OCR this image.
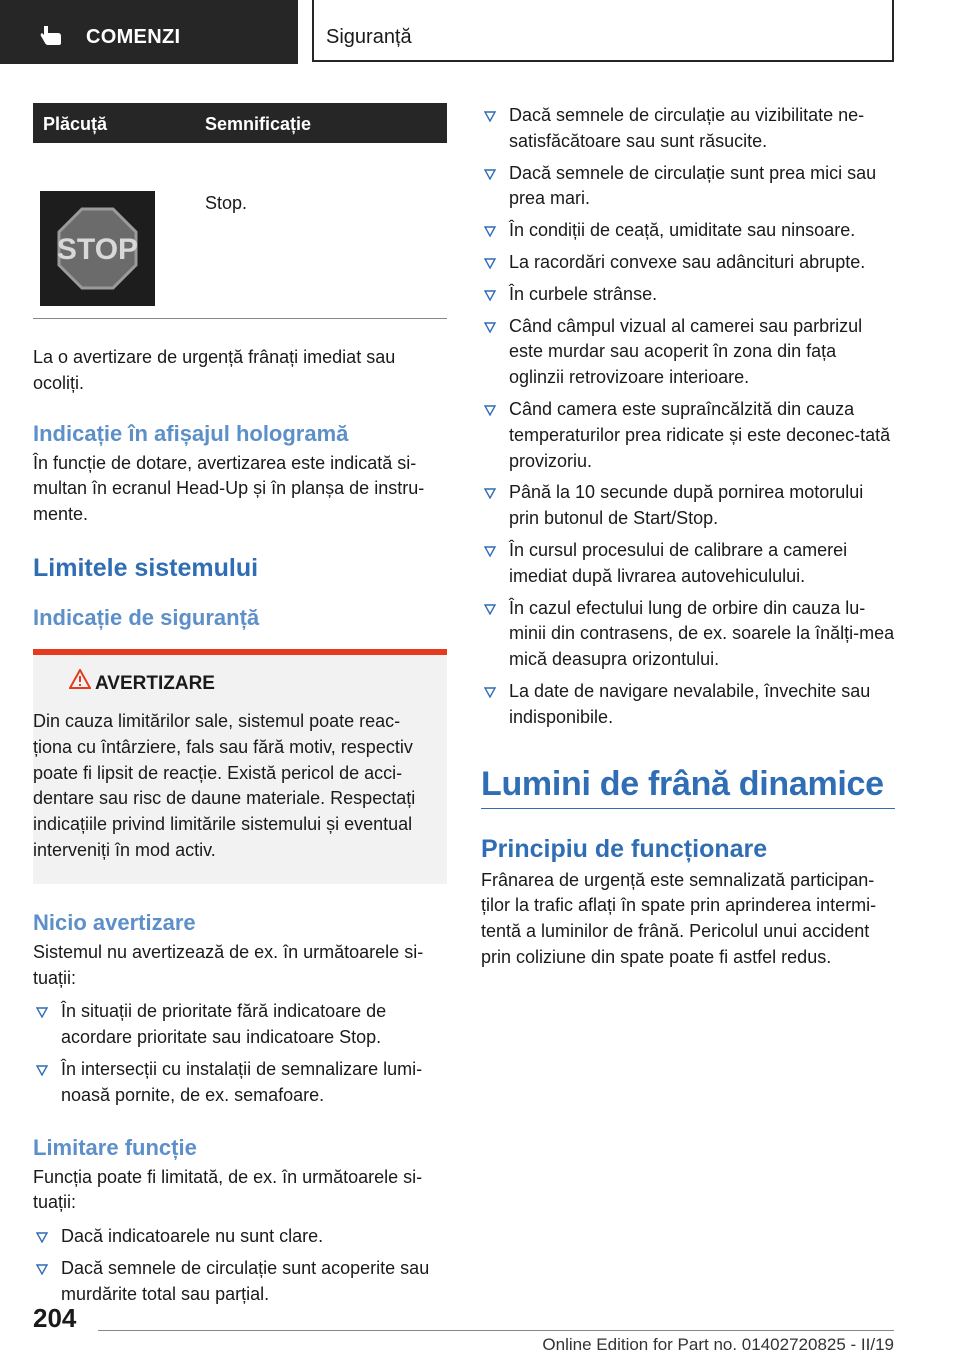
COMENZI	Siguranță
Plăcuță	Semnificație
STOP
Stop.

La o avertizare de urgență frânați imediat sau ocoliți.

Indicație în afișajul hologramă

În funcție de dotare, avertizarea este indicată si-multan în ecranul Head-Up și în planșa de instru-mente.

Limitele sistemului
Indicație de siguranță
AVERTIZARE

Din cauza limitărilor sale, sistemul poate reac-ționa cu întârziere, fals sau fără motiv, respectiv poate fi lipsit de reacție. Există pericol de acci-dentare sau risc de daune materiale. Respectați indicațiile privind limitările sistemului și eventual interveniți în mod activ.

Nicio avertizare

Sistemul nu avertizează de ex. în următoarele si-tuații:

În situații de prioritate fără indicatoare de acordare prioritate sau indicatoare Stop.
În intersecții cu instalații de semnalizare lumi-noasă pornite, de ex. semafoare.
Limitare funcție

Funcția poate fi limitată, de ex. în următoarele si-tuații:

Dacă indicatoarele nu sunt clare.
Dacă semnele de circulație sunt acoperite sau murdărite total sau parțial.
Dacă semnele de circulație au vizibilitate ne-satisfăcătoare sau sunt răsucite.
Dacă semnele de circulație sunt prea mici sau prea mari.
În condiții de ceață, umiditate sau ninsoare.
La racordări convexe sau adâncituri abrupte.
În curbele strânse.
Când câmpul vizual al camerei sau parbrizul este murdar sau acoperit în zona din fața oglinzii retrovizoare interioare.
Când camera este supraîncălzită din cauza temperaturilor prea ridicate și este deconec-tată provizoriu.
Până la 10 secunde după pornirea motorului prin butonul de Start/Stop.
În cursul procesului de calibrare a camerei imediat după livrarea autovehiculului.
În cazul efectului lung de orbire din cauza lu-minii din contrasens, de ex. soarele la înălți-mea mică deasupra orizontului.
La date de navigare nevalabile, învechite sau indisponibile.
Lumini de frână dinamice
Principiu de funcționare

Frânarea de urgență este semnalizată participan-ților la trafic aflați în spate prin aprinderea intermi-tentă a luminilor de frână. Pericolul unui accident prin coliziune din spate poate fi astfel redus.

204
Online Edition for Part no. 01402720825 - II/19
